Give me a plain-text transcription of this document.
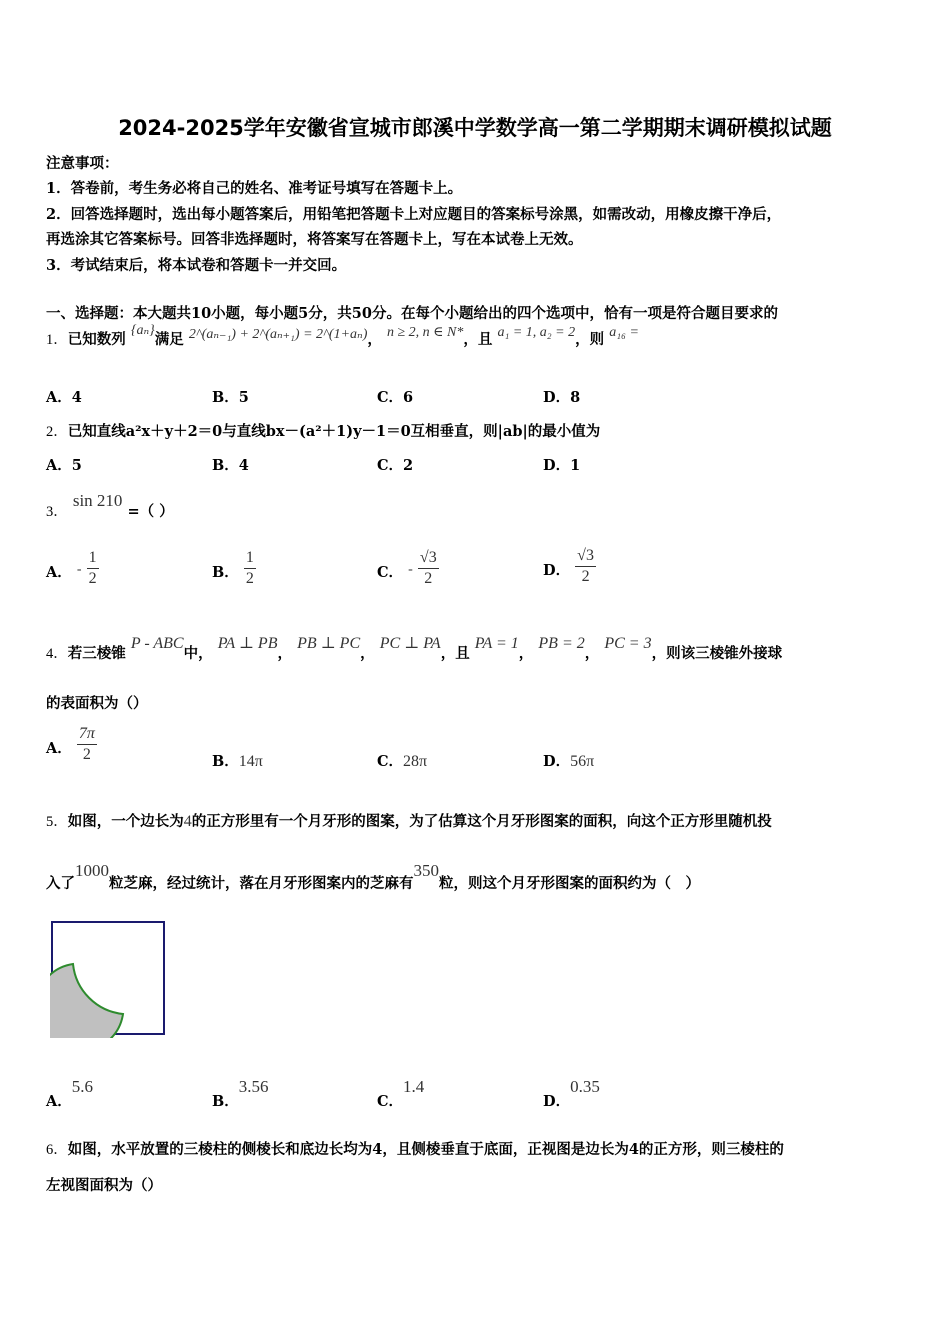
2024-2025学年安徽省宣城市郎溪中学数学高一第二学期期末调研模拟试题
注意事项：
1．答卷前，考生务必将自己的姓名、准考证号填写在答题卡上。
2．回答选择题时，选出每小题答案后，用铅笔把答题卡上对应题目的答案标号涂黑，如需改动，用橡皮擦干净后，
再选涂其它答案标号。回答非选择题时，将答案写在答题卡上，写在本试卷上无效。
3．考试结束后，将本试卷和答题卡一并交回。
一、选择题：本大题共10小题，每小题5分，共50分。在每个小题给出的四个选项中，恰有一项是符合题目要求的
1．已知数列 {aₙ}满足 2^(aₙ₋₁) + 2^(aₙ₊₁) = 2^(1+aₙ)， n ≥ 2, n ∈ N*，且 a₁ = 1, a₂ = 2，则 a₁₆ =
A．4	B．5	C．6	D．8
2．已知直线a²x＋y＋2＝0与直线bx－(a²＋1)y－1＝0互相垂直，则|ab|的最小值为
A．5	B．4	C．2	D．1
3． sin 210 =（ ）
A． - $\frac{1}{2}$	B． $\frac{1}{2}$	C． - $\frac{√3}{2}$	D． $\frac{√3}{2}$
4．若三棱锥 P - ABC中， PA ⊥ PB， PB ⊥ PC， PC ⊥ PA，且 PA = 1， PB = 2， PC = 3，则该三棱锥外接球
的表面积为（）
A． $\frac{7\pi}{2}$	B．14π	C．28π	D．56π
5．如图，一个边长为4的正方形里有一个月牙形的图案，为了估算这个月牙形图案的面积，向这个正方形里随机投
入了1000粒芝麻，经过统计，落在月牙形图案内的芝麻有350粒，则这个月牙形图案的面积约为（　）
A．5.6
B．3.56
C．1.4
D．0.35
6．如图，水平放置的三棱柱的侧棱长和底边长均为4，且侧棱垂直于底面，正视图是边长为4的正方形，则三棱柱的
左视图面积为（）
